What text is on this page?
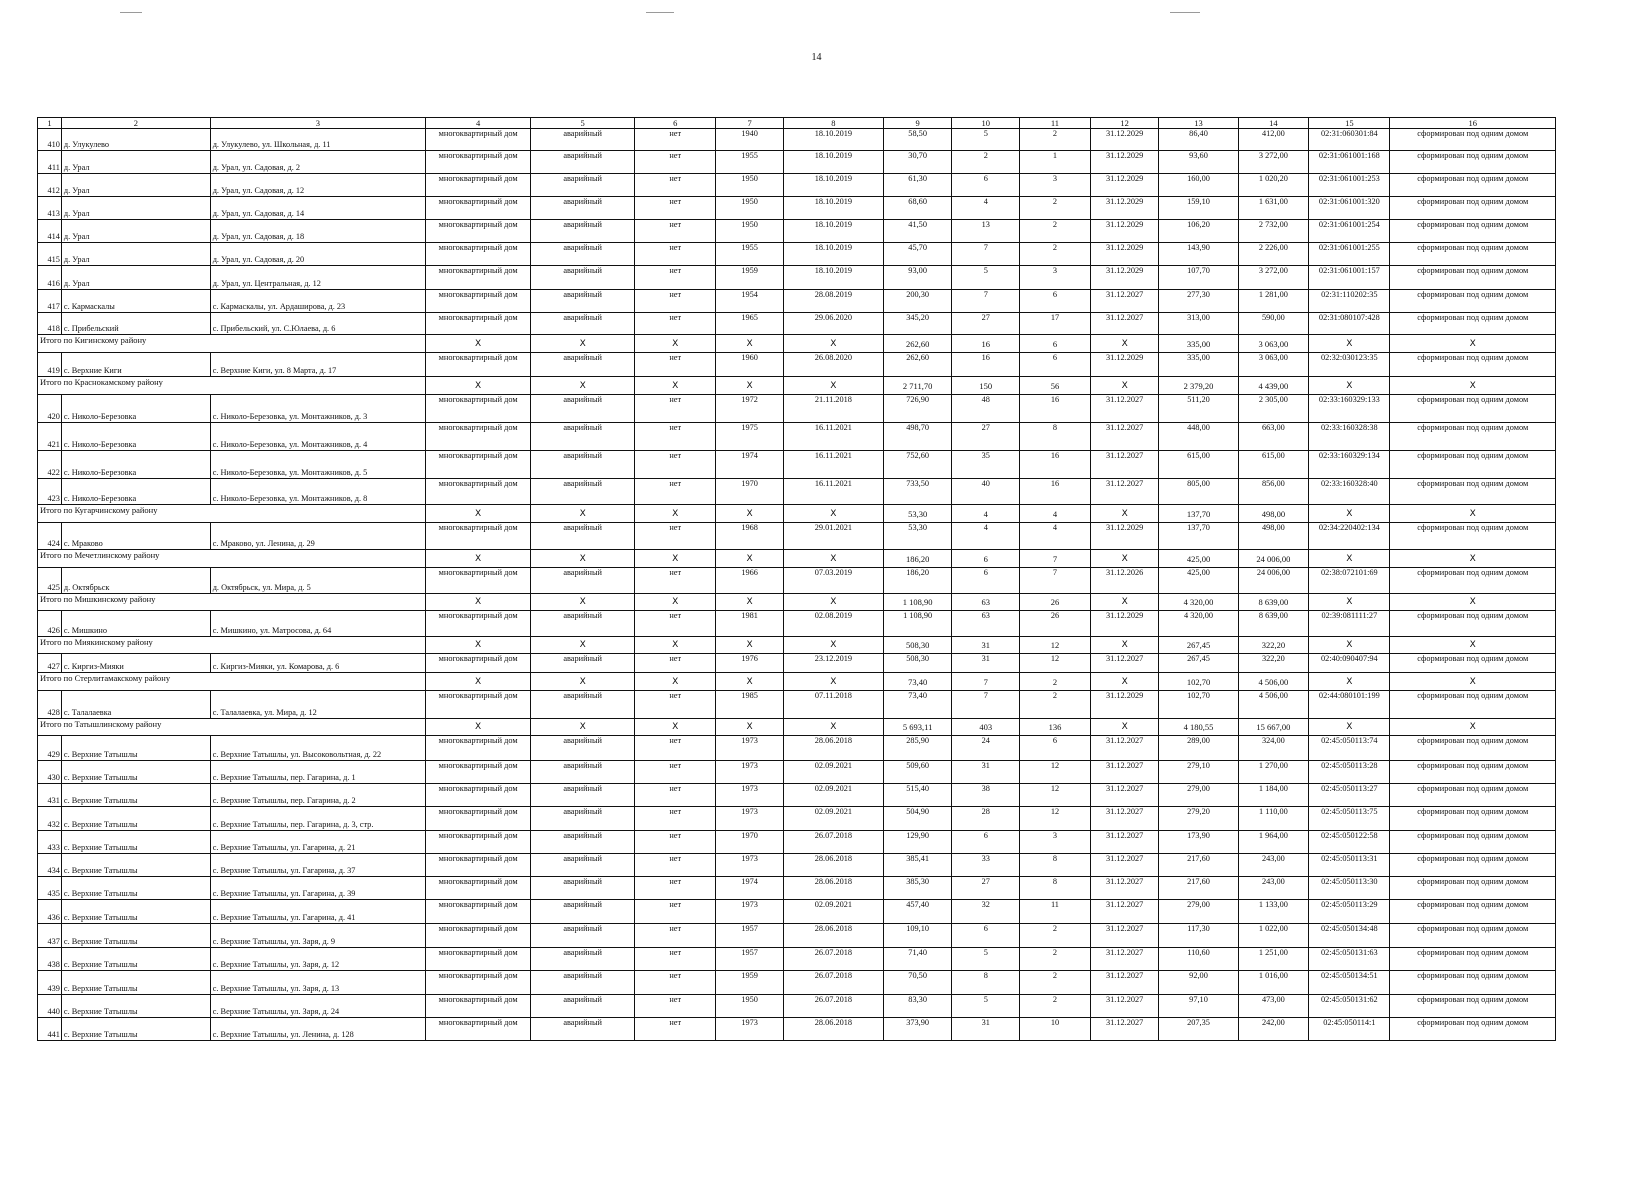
14
1	2	3	4	5	6	7	8	9	10	11	12	13	14	15	16
410	д. Улукулево	д. Улукулево, ул. Школьная, д. 11	многоквартирный дом	аварийный	нет	1940	18.10.2019	58,50	5	2	31.12.2029	86,40	412,00	02:31:060301:84	сформирован под одним домом
411	д. Урал	д. Урал, ул. Садовая, д. 2	многоквартирный дом	аварийный	нет	1955	18.10.2019	30,70	2	1	31.12.2029	93,60	3 272,00	02:31:061001:168	сформирован под одним домом
412	д. Урал	д. Урал, ул. Садовая, д. 12	многоквартирный дом	аварийный	нет	1950	18.10.2019	61,30	6	3	31.12.2029	160,00	1 020,20	02:31:061001:253	сформирован под одним домом
413	д. Урал	д. Урал, ул. Садовая, д. 14	многоквартирный дом	аварийный	нет	1950	18.10.2019	68,60	4	2	31.12.2029	159,10	1 631,00	02:31:061001:320	сформирован под одним домом
414	д. Урал	д. Урал, ул. Садовая, д. 18	многоквартирный дом	аварийный	нет	1950	18.10.2019	41,50	13	2	31.12.2029	106,20	2 732,00	02:31:061001:254	сформирован под одним домом
415	д. Урал	д. Урал, ул. Садовая, д. 20	многоквартирный дом	аварийный	нет	1955	18.10.2019	45,70	7	2	31.12.2029	143,90	2 226,00	02:31:061001:255	сформирован под одним домом
416	д. Урал	д. Урал, ул. Центральная, д. 12	многоквартирный дом	аварийный	нет	1959	18.10.2019	93,00	5	3	31.12.2029	107,70	3 272,00	02:31:061001:157	сформирован под одним домом
417	с. Кармаскалы	с. Кармаскалы, ул. Ардаширова, д. 23	многоквартирный дом	аварийный	нет	1954	28.08.2019	200,30	7	6	31.12.2027	277,30	1 281,00	02:31:110202:35	сформирован под одним домом
418	с. Прибельский	с. Прибельский, ул. С.Юлаева, д. 6	многоквартирный дом	аварийный	нет	1965	29.06.2020	345,20	27	17	31.12.2027	313,00	590,00	02:31:080107:428	сформирован под одним домом
Итого по Кигинскому району			X	X	X	X	X	262,60	16	6	X	335,00	3 063,00	X	X
419	с. Верхние Киги	с. Верхние Киги, ул. 8 Марта, д. 17	многоквартирный дом	аварийный	нет	1960	26.08.2020	262,60	16	6	31.12.2029	335,00	3 063,00	02:32:030123:35	сформирован под одним домом
Итого по Краснокамскому району			X	X	X	X	X	2 711,70	150	56	X	2 379,20	4 439,00	X	X
420	с. Николо-Березовка	с. Николо-Березовка, ул. Монтажников, д. 3	многоквартирный дом	аварийный	нет	1972	21.11.2018	726,90	48	16	31.12.2027	511,20	2 305,00	02:33:160329:133	сформирован под одним домом
421	с. Николо-Березовка	с. Николо-Березовка, ул. Монтажников, д. 4	многоквартирный дом	аварийный	нет	1975	16.11.2021	498,70	27	8	31.12.2027	448,00	663,00	02:33:160328:38	сформирован под одним домом
422	с. Николо-Березовка	с. Николо-Березовка, ул. Монтажников, д. 5	многоквартирный дом	аварийный	нет	1974	16.11.2021	752,60	35	16	31.12.2027	615,00	615,00	02:33:160329:134	сформирован под одним домом
423	с. Николо-Березовка	с. Николо-Березовка, ул. Монтажников, д. 8	многоквартирный дом	аварийный	нет	1970	16.11.2021	733,50	40	16	31.12.2027	805,00	856,00	02:33:160328:40	сформирован под одним домом
Итого по Кугарчинскому району			X	X	X	X	X	53,30	4	4	X	137,70	498,00	X	X
424	с. Мраково	с. Мраково, ул. Ленина, д. 29	многоквартирный дом	аварийный	нет	1968	29.01.2021	53,30	4	4	31.12.2029	137,70	498,00	02:34:220402:134	сформирован под одним домом
Итого по Мечетлинскому району			X	X	X	X	X	186,20	6	7	X	425,00	24 006,00	X	X
425	д. Октябрьск	д. Октябрьск, ул. Мира, д. 5	многоквартирный дом	аварийный	нет	1966	07.03.2019	186,20	6	7	31.12.2026	425,00	24 006,00	02:38:072101:69	сформирован под одним домом
Итого по Мишкинскому району			X	X	X	X	X	1 108,90	63	26	X	4 320,00	8 639,00	X	X
426	с. Мишкино	с. Мишкино, ул. Матросова, д. 64	многоквартирный дом	аварийный	нет	1981	02.08.2019	1 108,90	63	26	31.12.2029	4 320,00	8 639,00	02:39:081111:27	сформирован под одним домом
Итого по Миякинскому району			X	X	X	X	X	508,30	31	12	X	267,45	322,20	X	X
427	с. Киргиз-Мияки	с. Киргиз-Мияки, ул. Комарова, д. 6	многоквартирный дом	аварийный	нет	1976	23.12.2019	508,30	31	12	31.12.2027	267,45	322,20	02:40:090407:94	сформирован под одним домом
Итого по Стерлитамакскому району			X	X	X	X	X	73,40	7	2	X	102,70	4 506,00	X	X
428	с. Талалаевка	с. Талалаевка, ул. Мира, д. 12	многоквартирный дом	аварийный	нет	1985	07.11.2018	73,40	7	2	31.12.2029	102,70	4 506,00	02:44:080101:199	сформирован под одним домом
Итого по Татышлинскому району			X	X	X	X	X	5 693,11	403	136	X	4 180,55	15 667,00	X	X
429	с. Верхние Татышлы	с. Верхние Татышлы, ул. Высоковольтная, д. 22	многоквартирный дом	аварийный	нет	1973	28.06.2018	285,90	24	6	31.12.2027	289,00	324,00	02:45:050113:74	сформирован под одним домом
430	с. Верхние Татышлы	с. Верхние Татышлы, пер. Гагарина, д. 1	многоквартирный дом	аварийный	нет	1973	02.09.2021	509,60	31	12	31.12.2027	279,10	1 270,00	02:45:050113:28	сформирован под одним домом
431	с. Верхние Татышлы	с. Верхние Татышлы, пер. Гагарина, д. 2	многоквартирный дом	аварийный	нет	1973	02.09.2021	515,40	38	12	31.12.2027	279,00	1 184,00	02:45:050113:27	сформирован под одним домом
432	с. Верхние Татышлы	с. Верхние Татышлы, пер. Гагарина, д. 3, стр.	многоквартирный дом	аварийный	нет	1973	02.09.2021	504,90	28	12	31.12.2027	279,20	1 110,00	02:45:050113:75	сформирован под одним домом
433	с. Верхние Татышлы	с. Верхние Татышлы, ул. Гагарина, д. 21	многоквартирный дом	аварийный	нет	1970	26.07.2018	129,90	6	3	31.12.2027	173,90	1 964,00	02:45:050122:58	сформирован под одним домом
434	с. Верхние Татышлы	с. Верхние Татышлы, ул. Гагарина, д. 37	многоквартирный дом	аварийный	нет	1973	28.06.2018	385,41	33	8	31.12.2027	217,60	243,00	02:45:050113:31	сформирован под одним домом
435	с. Верхние Татышлы	с. Верхние Татышлы, ул. Гагарина, д. 39	многоквартирный дом	аварийный	нет	1974	28.06.2018	385,30	27	8	31.12.2027	217,60	243,00	02:45:050113:30	сформирован под одним домом
436	с. Верхние Татышлы	с. Верхние Татышлы, ул. Гагарина, д. 41	многоквартирный дом	аварийный	нет	1973	02.09.2021	457,40	32	11	31.12.2027	279,00	1 133,00	02:45:050113:29	сформирован под одним домом
437	с. Верхние Татышлы	с. Верхние Татышлы, ул. Заря, д. 9	многоквартирный дом	аварийный	нет	1957	28.06.2018	109,10	6	2	31.12.2027	117,30	1 022,00	02:45:050134:48	сформирован под одним домом
438	с. Верхние Татышлы	с. Верхние Татышлы, ул. Заря, д. 12	многоквартирный дом	аварийный	нет	1957	26.07.2018	71,40	5	2	31.12.2027	110,60	1 251,00	02:45:050131:63	сформирован под одним домом
439	с. Верхние Татышлы	с. Верхние Татышлы, ул. Заря, д. 13	многоквартирный дом	аварийный	нет	1959	26.07.2018	70,50	8	2	31.12.2027	92,00	1 016,00	02:45:050134:51	сформирован под одним домом
440	с. Верхние Татышлы	с. Верхние Татышлы, ул. Заря, д. 24	многоквартирный дом	аварийный	нет	1950	26.07.2018	83,30	5	2	31.12.2027	97,10	473,00	02:45:050131:62	сформирован под одним домом
441	с. Верхние Татышлы	с. Верхние Татышлы, ул. Ленина, д. 128	многоквартирный дом	аварийный	нет	1973	28.06.2018	373,90	31	10	31.12.2027	207,35	242,00	02:45:050114:1	сформирован под одним домом
